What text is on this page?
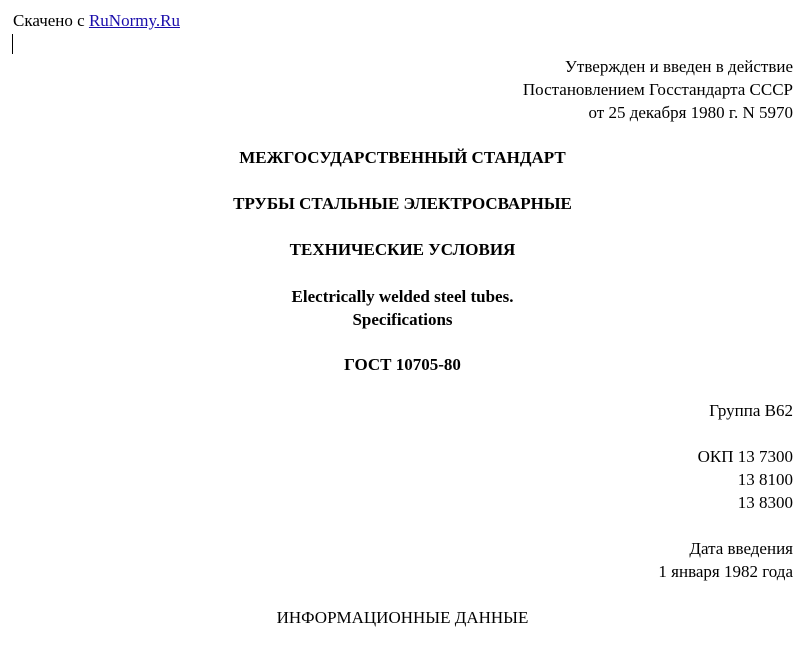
Скачено с RuNormy.Ru
Утвержден и введен в действие
Постановлением Госстандарта СССР
от 25 декабря 1980 г. N 5970
МЕЖГОСУДАРСТВЕННЫЙ СТАНДАРТ
ТРУБЫ СТАЛЬНЫЕ ЭЛЕКТРОСВАРНЫЕ
ТЕХНИЧЕСКИЕ УСЛОВИЯ
Electrically welded steel tubes.
Specifications
ГОСТ 10705-80
Группа В62
ОКП 13 7300
13 8100
13 8300
Дата введения
1 января 1982 года
ИНФОРМАЦИОННЫЕ ДАННЫЕ
